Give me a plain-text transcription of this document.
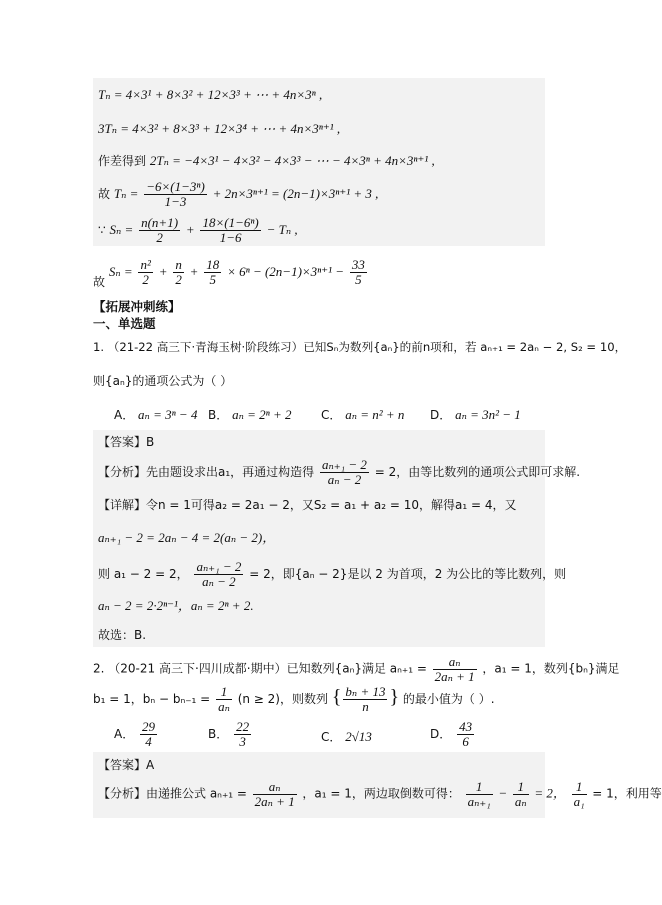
Tₙ = 4×3¹ + 8×3² + 12×3³ + ⋯ + 4n×3ⁿ ,
3Tₙ = 4×3² + 8×3³ + 12×3⁴ + ⋯ + 4n×3ⁿ⁺¹ ,
作差得到 2Tₙ = −4×3¹ − 4×3² − 4×3³ − ⋯ − 4×3ⁿ + 4n×3ⁿ⁺¹ ,
故 $T_n = \frac{\text{−6×(1−3ⁿ)}}{1-3} + 2n\times 3^{n+1} = (2n-1)\times 3^{n+1} + 3$ ,
∵ $S_n = \frac{n(n+1)}{2} + \frac{\text{18×(1−6ⁿ)}}{1-6} - T_n$ ,
故 $S_n = \frac{\text{n²}}{2} + \frac{n}{2} + \frac{18}{5} \times 6^n - (2n-1)\times 3^{n+1} - \frac{33}{5}$
【拓展冲刺练】
一、单选题
1. （21-22 高三下·青海玉树·阶段练习）已知Sₙ为数列{aₙ}的前n项和，若 aₙ₊₁ = 2aₙ − 2, S₂ = 10，
则{aₙ}的通项公式为（ ）
A． aₙ = 3ⁿ − 4 B． aₙ = 2ⁿ + 2 C． aₙ = n² + n D． aₙ = 3n² − 1
【答案】B
【分析】先由题设求出a₁，再通过构造得 $\frac{\text{aₙ₊₁ − 2}}{\text{aₙ − 2}} = 2$，由等比数列的通项公式即可求解.
【详解】令n = 1可得a₂ = 2a₁ − 2，又S₂ = a₁ + a₂ = 10，解得a₁ = 4，又
aₙ₊₁ − 2 = 2aₙ − 4 = 2(aₙ − 2)，
则 a₁ − 2 = 2， $\frac{\text{aₙ₊₁ − 2}}{\text{aₙ − 2}} = 2$，即{aₙ − 2}是以 2 为首项，2 为公比的等比数列，则
aₙ − 2 = 2·2ⁿ⁻¹，aₙ = 2ⁿ + 2.
故选：B.
2. （20-21 高三下·四川成都·期中）已知数列{aₙ}满足 $a_{n+1} = \frac{\text{aₙ}}{\text{2aₙ + 1}}$ ，a₁ = 1，数列{bₙ}满足
b₁ = 1，$b_n - b_{n-1} = \frac{1}{\text{aₙ}} (n \ge 2)$，则数列 { $\frac{\text{bₙ + 13}}{n}$ } 的最小值为（ ）.
A． $\frac{29}{4}$	B． $\frac{22}{3}$	C． 2√13	D． $\frac{43}{6}$
【答案】A
【分析】由递推公式 $a_{n+1} = \frac{\text{aₙ}}{\text{2aₙ + 1}}$ ，a₁ = 1，两边取倒数可得： $\frac{1}{\text{aₙ₊₁}} - \frac{1}{\text{aₙ}} = 2$， $\frac{1}{\text{a₁}} = 1$，利用等
